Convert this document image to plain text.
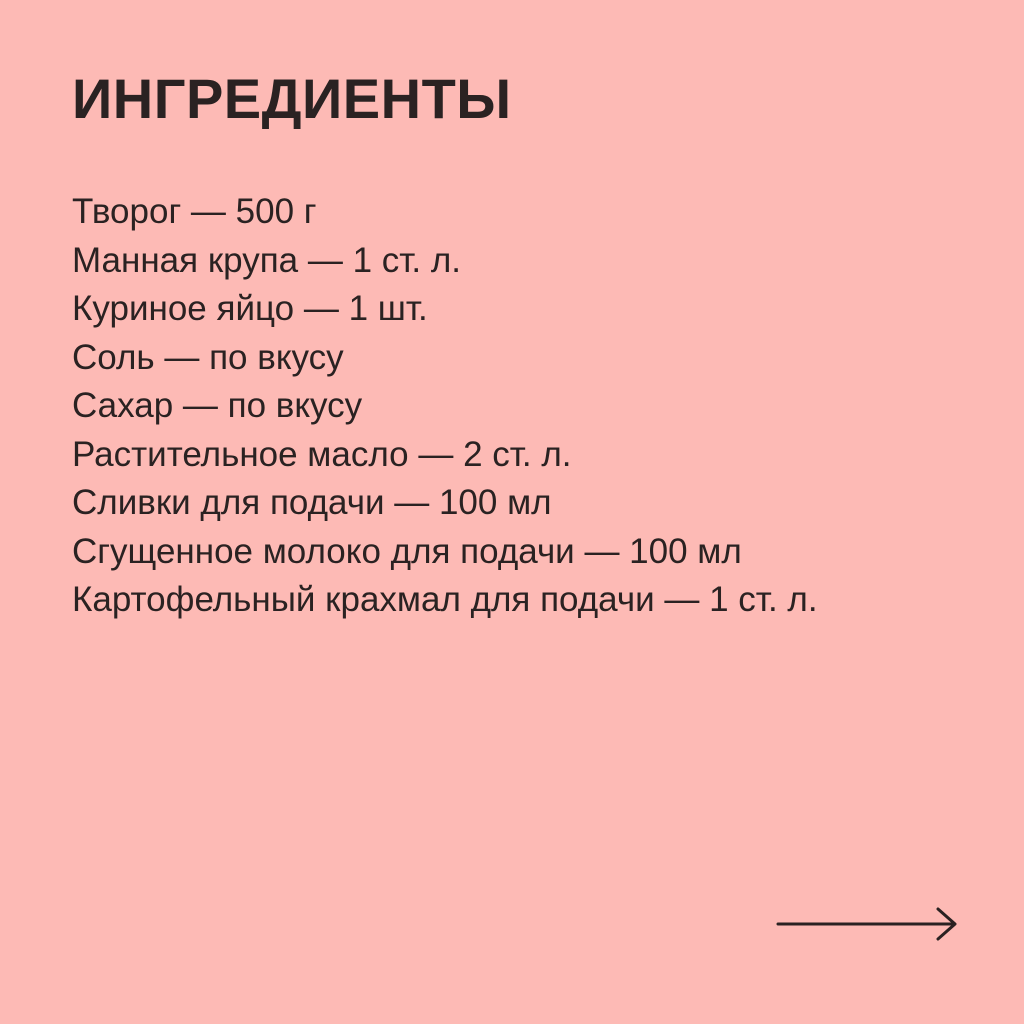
ИНГРЕДИЕНТЫ
Творог — 500 г
Манная крупа — 1 ст. л.
Куриное яйцо — 1 шт.
Соль — по вкусу
Сахар — по вкусу
Растительное масло — 2 ст. л.
Сливки для подачи — 100 мл
Сгущенное молоко для подачи — 100 мл
Картофельный крахмал для подачи — 1 ст. л.
